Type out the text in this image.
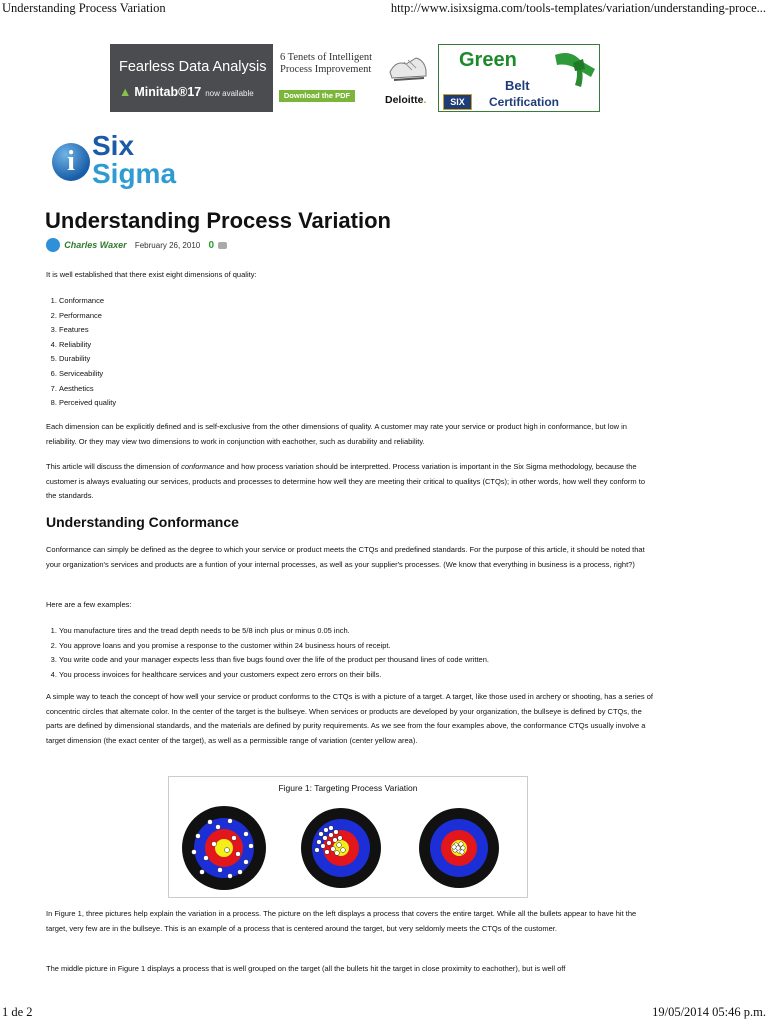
Understanding Process Variation	http://www.isixsigma.com/tools-templates/variation/understanding-proce...
Fearless Data Analysis
▲ Minitab®17 now available
6 Tenets of Intelligent Process Improvement
Download the PDF	Deloitte.
Green
Belt
Certification
SIX
i
Six
Sigma
Understanding Process Variation
Charles Waxer February 26, 2010 0

It is well established that there exist eight dimensions of quality:

1. Conformance
2. Performance
3. Features
4. Reliability
5. Durability
6. Serviceability
7. Aesthetics
8. Perceived quality

Each dimension can be explicitly defined and is self-exclusive from the other dimensions of quality. A customer may rate your service or product high in conformance, but low in reliability. Or they may view two dimensions to work in conjunction with eachother, such as durability and reliability.

This article will discuss the dimension of conformance and how process variation should be interpretted. Process variation is important in the Six Sigma methodology, because the customer is always evaluating our services, products and processes to determine how well they are meeting their critical to qualitys (CTQs); in other words, how well they conform to the standards.

Understanding Conformance

Conformance can simply be defined as the degree to which your service or product meets the CTQs and predefined standards. For the purpose of this article, it should be noted that your organization's services and products are a funtion of your internal processes, as well as your supplier's processes. (We know that everything in business is a process, right?)

Here are a few examples:

1. You manufacture tires and the tread depth needs to be 5/8 inch plus or minus 0.05 inch.
2. You approve loans and you promise a response to the customer within 24 business hours of receipt.
3. You write code and your manager expects less than five bugs found over the life of the product per thousand lines of code written.
4. You process invoices for healthcare services and your customers expect zero errors on their bills.

A simple way to teach the concept of how well your service or product conforms to the CTQs is with a picture of a target. A target, like those used in archery or shooting, has a series of concentric circles that alternate color. In the center of the target is the bullseye. When services or products are developed by your organization, the bullseye is defined by CTQs, the parts are defined by dimensional standards, and the materials are defined by purity requirements. As we see from the four examples above, the conformance CTQs usually involve a target dimension (the exact center of the target), as well as a permissible range of variation (center yellow area).

Figure 1: Targeting Process Variation

In Figure 1, three pictures help explain the variation in a process. The picture on the left displays a process that covers the entire target. While all the bullets appear to have hit the target, very few are in the bullseye. This is an example of a process that is centered around the target, but very seldomly meets the CTQs of the customer.

The middle picture in Figure 1 displays a process that is well grouped on the target (all the bullets hit the target in close proximity to eachother), but is well off

1 de 2	19/05/2014 05:46 p.m.
